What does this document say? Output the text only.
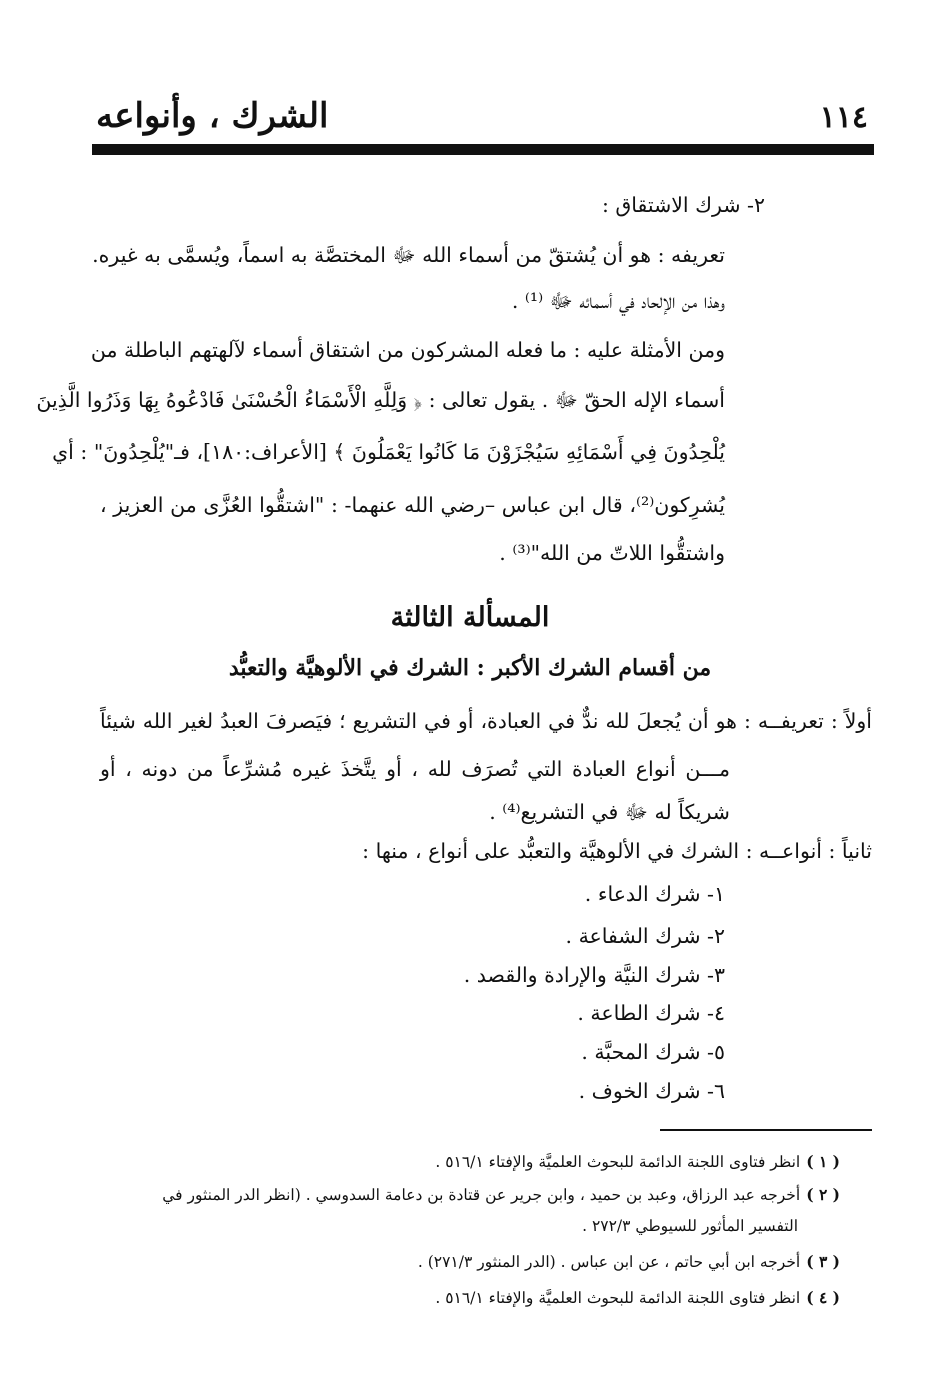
الشرك ، وأنواعه	١١٤
٢- شرك الاشتقاق :
تعريفه : هو أن يُشتقّ من أسماء الله ﷻ المختصَّة به اسماً، ويُسمَّى به غيره.
وهذا من الإلحاد في أسمائه ﷻ ⁽¹⁾ .
ومن الأمثلة عليه : ما فعله المشركون من اشتقاق أسماء لآلهتهم الباطلة من
أسماء الإله الحقّ ﷻ . يقول تعالى : ﴿ وَلِلَّهِ الْأَسْمَاءُ الْحُسْنَىٰ فَادْعُوهُ بِهَا وَذَرُوا الَّذِينَ
يُلْحِدُونَ فِي أَسْمَائِهِ سَيُجْزَوْنَ مَا كَانُوا يَعْمَلُونَ ﴾ [الأعراف:١٨٠]، فـ"يُلْحِدُونَ" : أي
يُشرِكون⁽²⁾، قال ابن عباس –رضي الله عنهما- : "اشتقُّوا العُزَّى من العزيز ،
واشتقُّوا اللاتّ من الله"⁽³⁾ .
المسألة الثالثة
من أقسام الشرك الأكبر : الشرك في الألوهيَّة والتعبُّد
أولاً : تعريفــه : هو أن يُجعلَ لله ندٌّ في العبادة، أو في التشريع ؛ فيَصرفَ العبدُ لغير الله شيئاً
مـــن أنواع العبادة التي تُصرَف لله ، أو يتَّخذَ غيره مُشرِّعاً من دونه ، أو
شريكاً له ﷻ في التشريع⁽⁴⁾ .
ثانياً : أنواعــه : الشرك في الألوهيَّة والتعبُّد على أنواع ، منها :
١- شرك الدعاء .
٢- شرك الشفاعة .
٣- شرك النيَّة والإرادة والقصد .
٤- شرك الطاعة .
٥- شرك المحبَّة .
٦- شرك الخوف .
( ١ )انظر فتاوى اللجنة الدائمة للبحوث العلميَّة والإفتاء ٥١٦/١ .
( ٢ )أخرجه عبد الرزاق، وعبد بن حميد ، وابن جرير عن قتادة بن دعامة السدوسي . (انظر الدر المنثور في
التفسير المأثور للسيوطي ٢٧٢/٣ .
( ٣ )أخرجه ابن أبي حاتم ، عن ابن عباس . (الدر المنثور ٢٧١/٣) .
( ٤ )انظر فتاوى اللجنة الدائمة للبحوث العلميَّة والإفتاء ٥١٦/١ .
